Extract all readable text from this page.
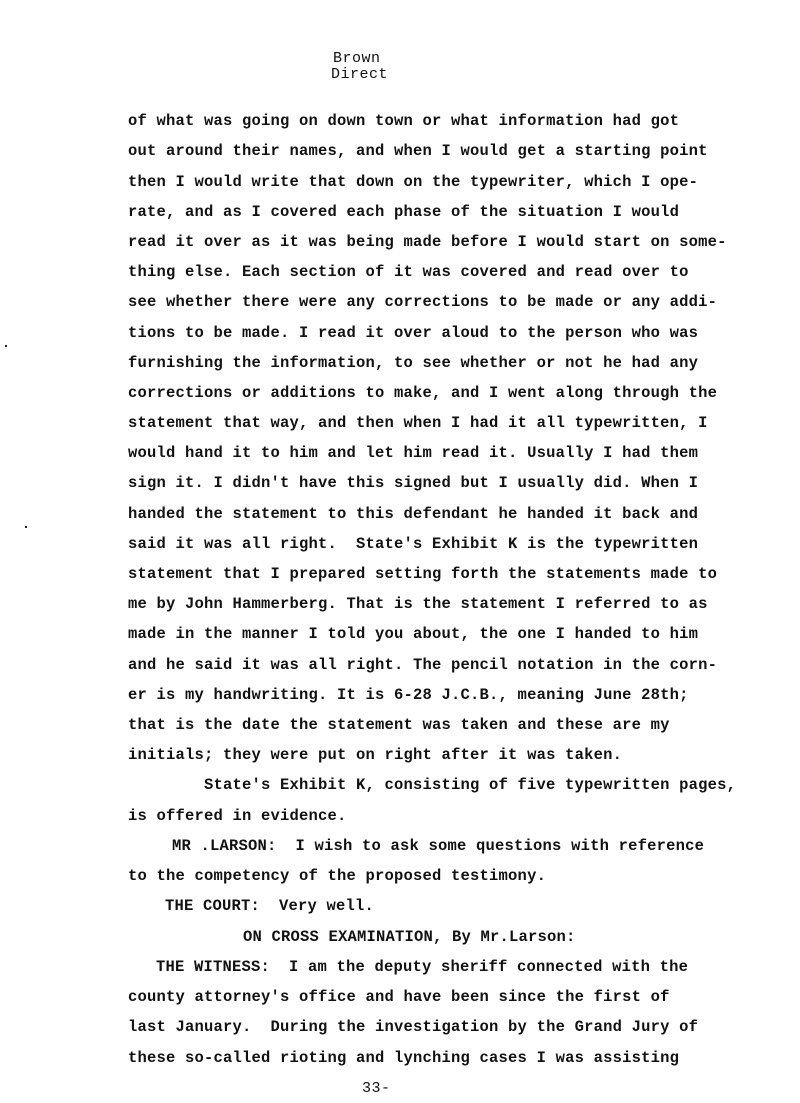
Brown
Direct
of what was going on down town or what information had got
out around their names, and when I would get a starting point
then I would write that down on the typewriter, which I ope-
rate, and as I covered each phase of the situation I would
read it over as it was being made before I would start on some-
thing else. Each section of it was covered and read over to
see whether there were any corrections to be made or any addi-
tions to be made. I read it over aloud to the person who was
furnishing the information, to see whether or not he had any
corrections or additions to make, and I went along through the
statement that way, and then when I had it all typewritten, I
would hand it to him and let him read it. Usually I had them
sign it. I didn't have this signed but I usually did. When I
handed the statement to this defendant he handed it back and
said it was all right.  State's Exhibit K is the typewritten
statement that I prepared setting forth the statements made to
me by John Hammerberg. That is the statement I referred to as
made in the manner I told you about, the one I handed to him
and he said it was all right. The pencil notation in the corn-
er is my handwriting. It is 6-28 J.C.B., meaning June 28th;
that is the date the statement was taken and these are my
initials; they were put on right after it was taken.
State's Exhibit K, consisting of five typewritten pages,
is offered in evidence.
MR .LARSON:  I wish to ask some questions with reference
to the competency of the proposed testimony.
THE COURT:  Very well.
ON CROSS EXAMINATION, By Mr.Larson:
THE WITNESS:  I am the deputy sheriff connected with the
county attorney's office and have been since the first of
last January.  During the investigation by the Grand Jury of
these so-called rioting and lynching cases I was assisting
33-
